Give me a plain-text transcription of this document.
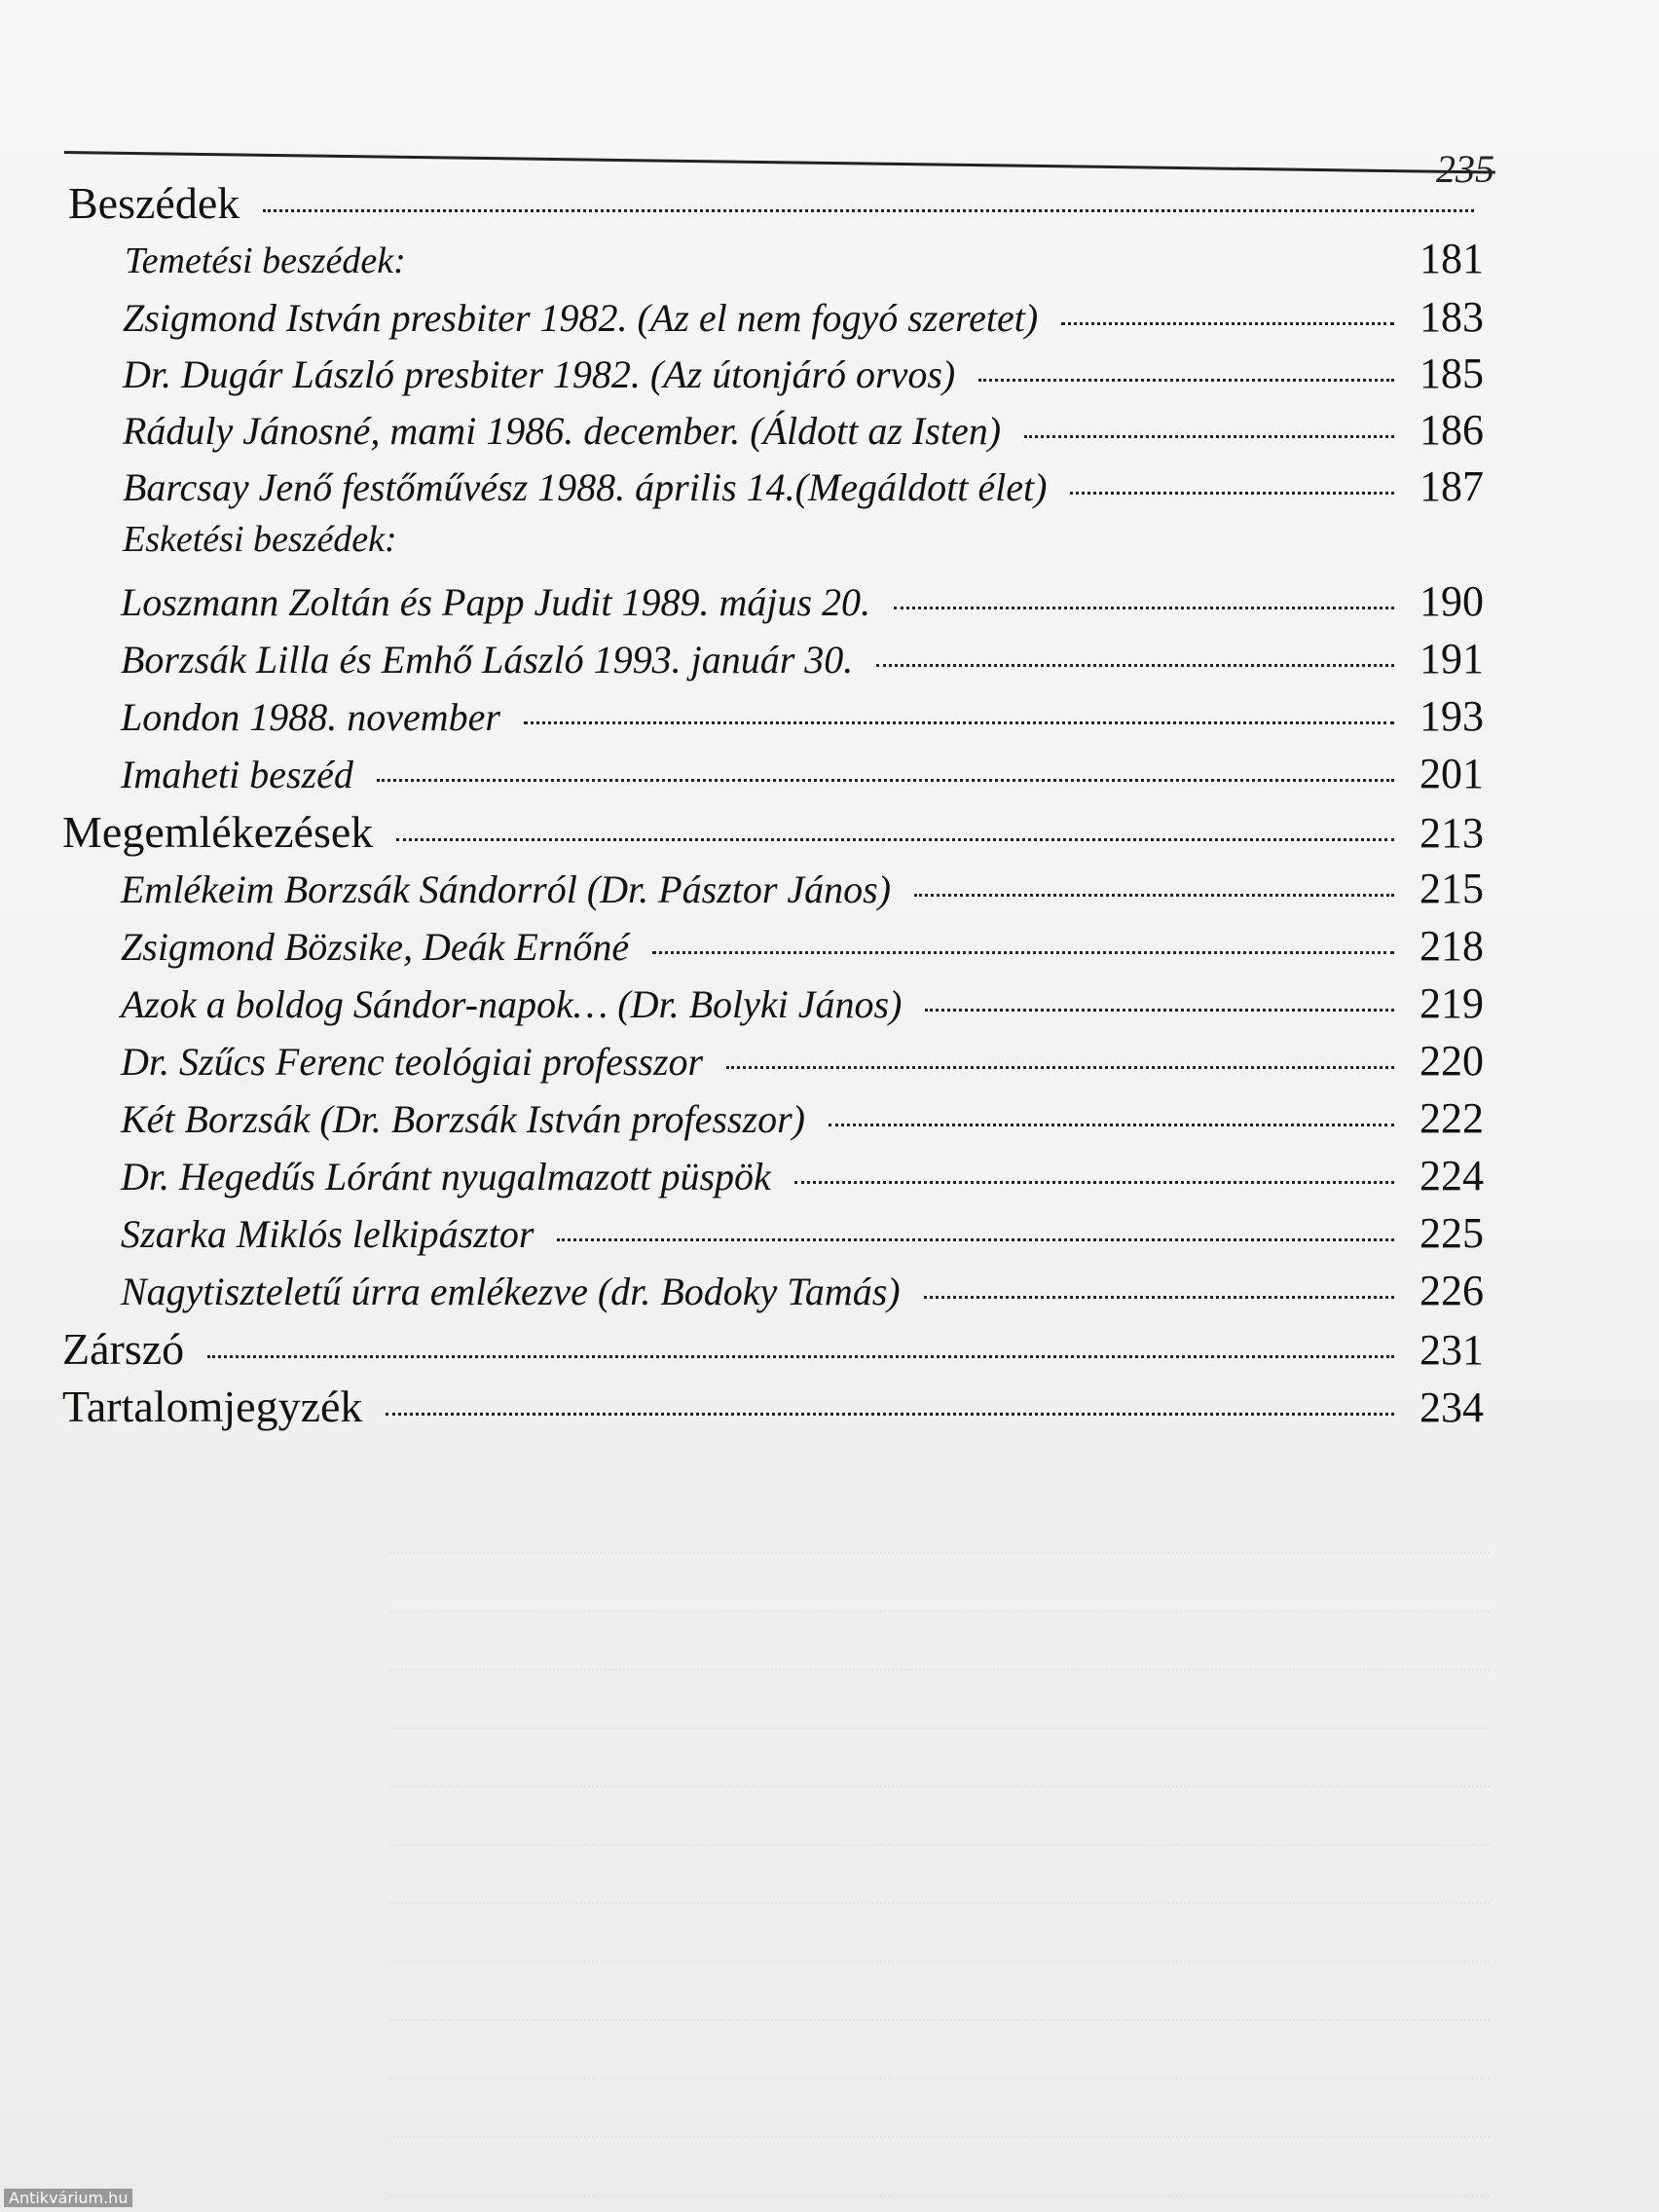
235
Beszédek
Temetési beszédek:	181
Zsigmond István presbiter 1982. (Az el nem fogyó szeretet)	183
Dr. Dugár László presbiter 1982. (Az útonjáró orvos)	185
Ráduly Jánosné, mami 1986. december. (Áldott az Isten)	186
Barcsay Jenő festőművész 1988. április 14.(Megáldott élet)	187
Esketési beszédek:
Loszmann Zoltán és Papp Judit 1989. május 20.	190
Borzsák Lilla és Emhő László 1993. január 30.	191
London 1988. november	193
Imaheti beszéd	201
Megemlékezések	213
Emlékeim Borzsák Sándorról (Dr. Pásztor János)	215
Zsigmond Bözsike, Deák Ernőné	218
Azok a boldog Sándor-napok… (Dr. Bolyki János)	219
Dr. Szűcs Ferenc teológiai professzor	220
Két Borzsák (Dr. Borzsák István professzor)	222
Dr. Hegedűs Lóránt nyugalmazott püspök	224
Szarka Miklós lelkipásztor	225
Nagytiszteletű úrra emlékezve (dr. Bodoky Tamás)	226
Zárszó	231
Tartalomjegyzék	234
Antikvárium.hu
